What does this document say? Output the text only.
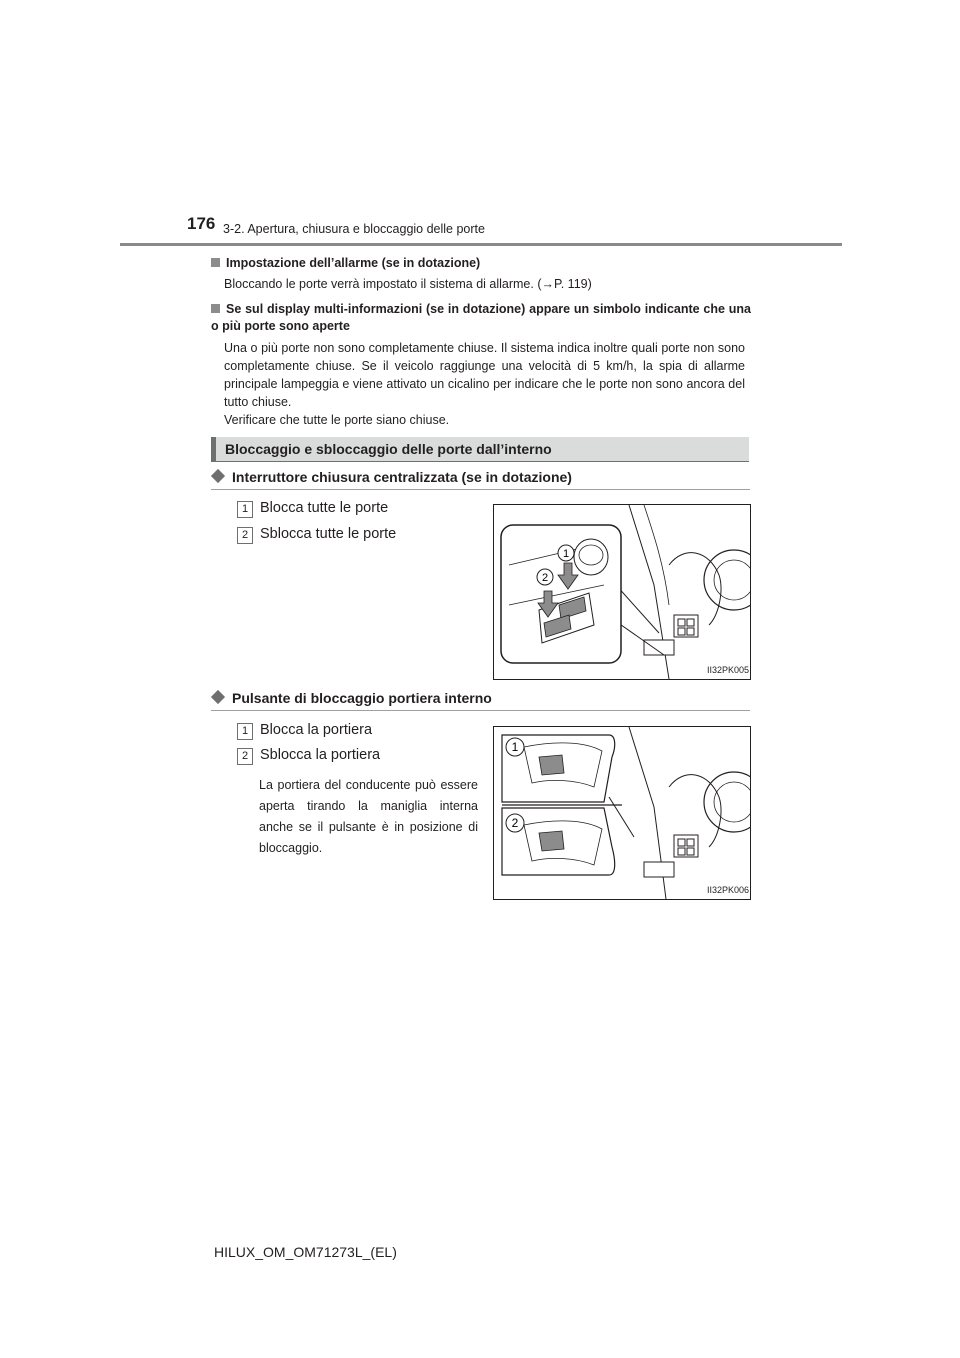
176 3-2. Apertura, chiusura e bloccaggio delle porte
Impostazione dell’allarme (se in dotazione)
Bloccando le porte verrà impostato il sistema di allarme. (→P. 119)
Se sul display multi-informazioni (se in dotazione) appare un simbolo indicante che una o più porte sono aperte
Una o più porte non sono completamente chiuse. Il sistema indica inoltre quali porte non sono completamente chiuse. Se il veicolo raggiunge una velocità di 5 km/h, la spia di allarme principale lampeggia e viene attivato un cicalino per indicare che le porte non sono ancora del tutto chiuse.
Verificare che tutte le porte siano chiuse.
Bloccaggio e sbloccaggio delle porte dall’interno
Interruttore chiusura centralizzata (se in dotazione)
1 Blocca tutte le porte
2 Sblocca tutte le porte
1
2
II32PK005
Pulsante di bloccaggio portiera interno
1 Blocca la portiera
2 Sblocca la portiera
La portiera del conducente può essere aperta tirando la maniglia interna anche se il pulsante è in posizione di bloccaggio.
1
2
II32PK006
HILUX_OM_OM71273L_(EL)
